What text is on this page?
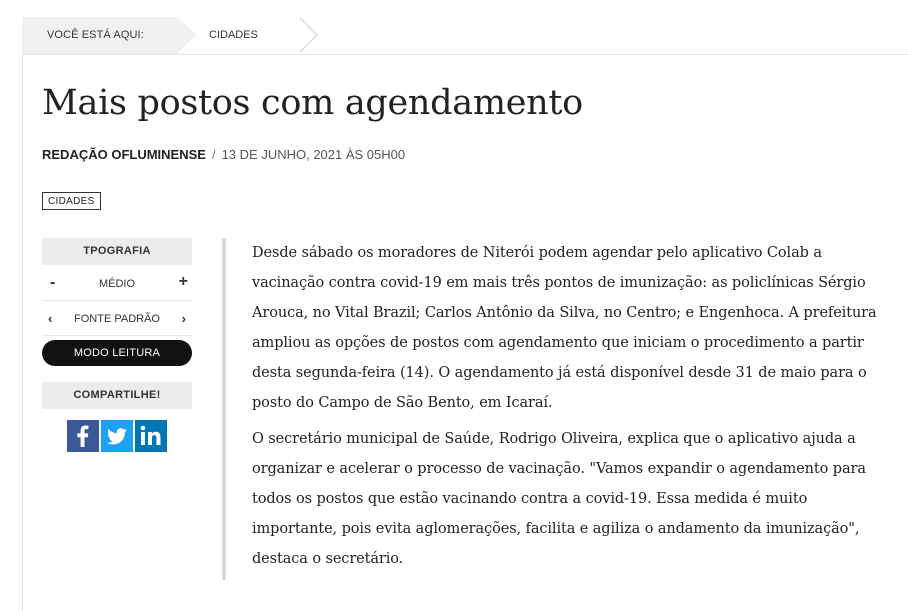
VOCÊ ESTÁ AQUI:	CIDADES
Mais postos com agendamento
REDAÇÃO OFLUMINENSE / 13 DE JUNHO, 2021 ÀS 05H00
CIDADES
TPOGRAFIA
-	MÉDIO	+
‹	FONTE PADRÃO	›
MODO LEITURA
COMPARTILHE!

Desde sábado os moradores de Niterói podem agendar pelo aplicativo Colab a vacinação contra covid-19 em mais três pontos de imunização: as policlínicas Sérgio Arouca, no Vital Brazil; Carlos Antônio da Silva, no Centro; e Engenhoca. A prefeitura ampliou as opções de postos com agendamento que iniciam o procedimento a partir desta segunda-feira (14). O agendamento já está disponível desde 31 de maio para o posto do Campo de São Bento, em Icaraí.

O secretário municipal de Saúde, Rodrigo Oliveira, explica que o aplicativo ajuda a organizar e acelerar o processo de vacinação. "Vamos expandir o agendamento para todos os postos que estão vacinando contra a covid-19. Essa medida é muito importante, pois evita aglomerações, facilita e agiliza o andamento da imunização", destaca o secretário.
